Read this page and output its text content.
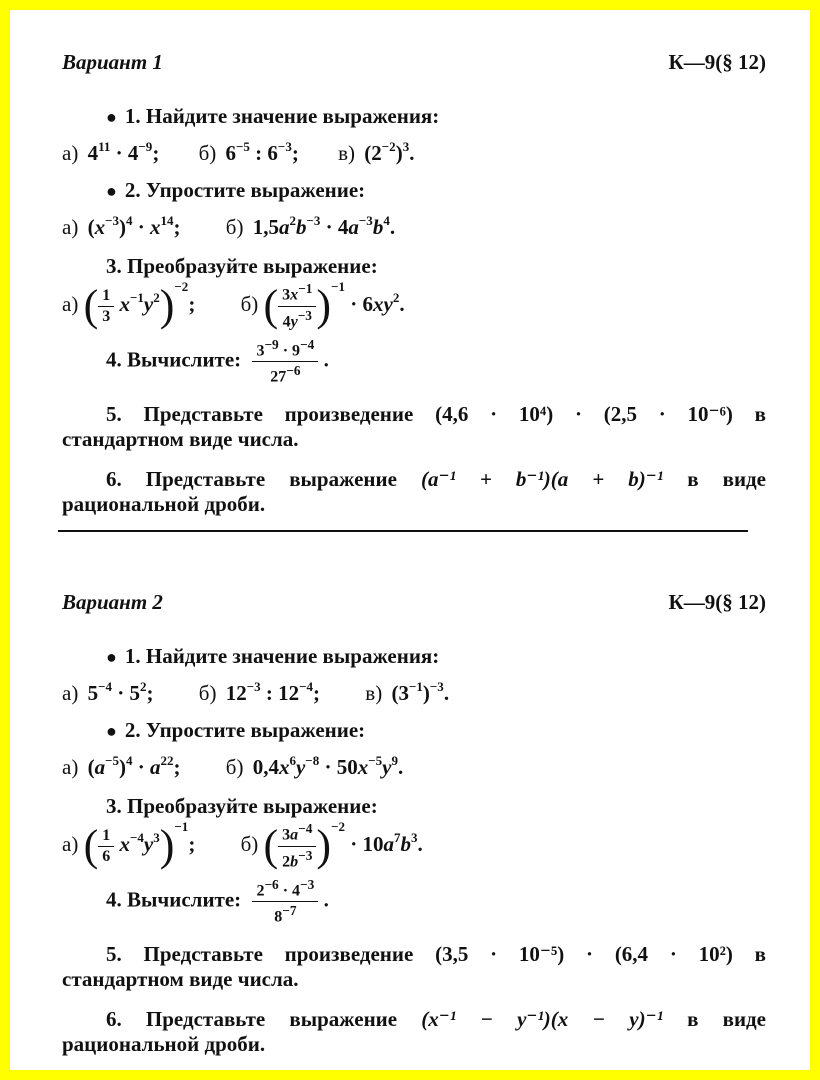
Вариант 1	К—9(§ 12)
● 1. Найдите значение выражения:
а) $4^{11} \cdot 4^{-9}$; б) $6^{-5}$ : $6^{-3}$; в) $(2^{-2})^3$.
● 2. Упростите выражение:
а) $(x^{-3})^4 \cdot x^{14}$; б) $1,5a^2b^{-3} \cdot 4a^{-3}b^4$.
3. Преобразуйте выражение:
а) ( $\frac{1}{3} x^{-1}y^2)^{-2}$; б) ( $\frac{3x^{-1}}{4y^{-3}} )^{-1} \cdot 6xy^2$.
4. Вычислите: $\frac{3^{-9} \cdot 9^{-4}}{27^{-6}}$ .
5. Представьте произведение (4,6 · 10⁴) · (2,5 · 10⁻⁶) в
стандартном виде числа.
6. Представьте выражение (a⁻¹ + b⁻¹)(a + b)⁻¹ в виде
рациональной дроби.
Вариант 2	К—9(§ 12)
● 1. Найдите значение выражения:
а) $5^{-4} \cdot 5^2$; б) $12^{-3}$ : $12^{-4}$; в) $(3^{-1})^{-3}$.
● 2. Упростите выражение:
а) $(a^{-5})^4 \cdot a^{22}$; б) $0,4x^6y^{-8} \cdot 50x^{-5}y^9$.
3. Преобразуйте выражение:
а) ( $\frac{1}{6} x^{-4}y^3)^{-1}$; б) ( $\frac{3a^{-4}}{2b^{-3}} )^{-2} \cdot 10a^7b^3$.
4. Вычислите: $\frac{2^{-6} \cdot 4^{-3}}{8^{-7}}$ .
5. Представьте произведение (3,5 · 10⁻⁵) · (6,4 · 10²) в
стандартном виде числа.
6. Представьте выражение (x⁻¹ − y⁻¹)(x − y)⁻¹ в виде
рациональной дроби.
